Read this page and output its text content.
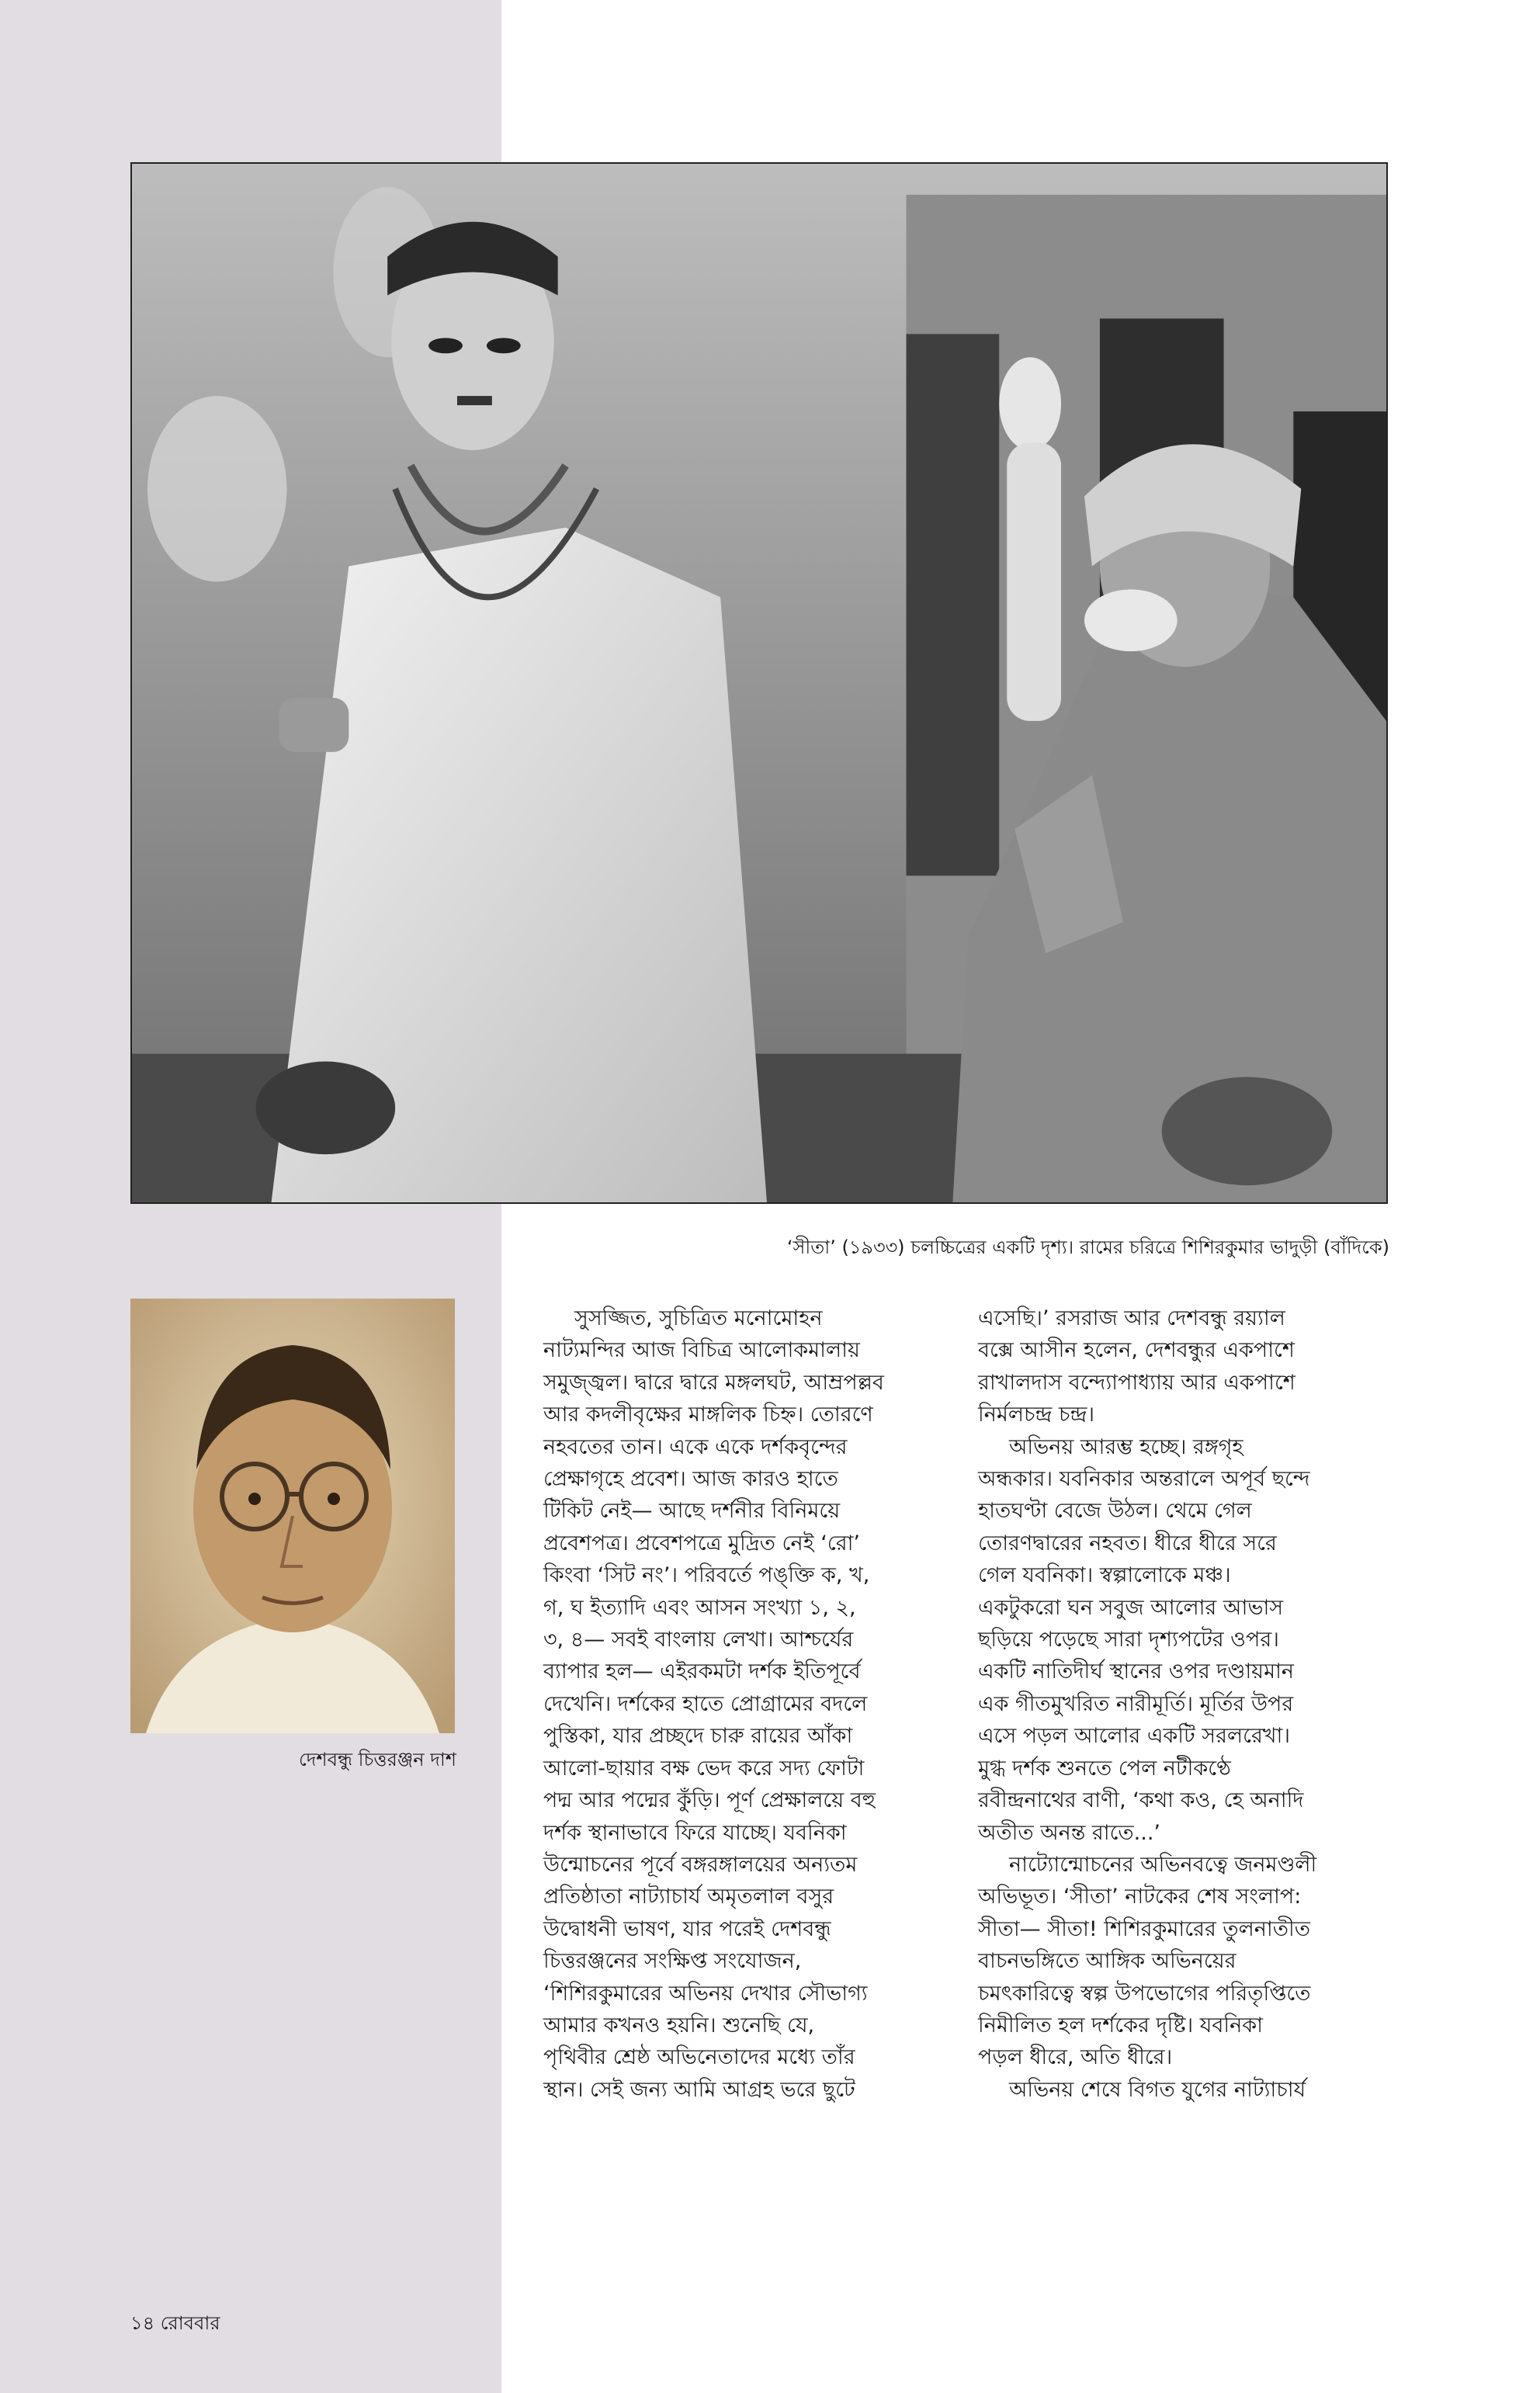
‘সীতা’ (১৯৩৩) চলচ্চিত্রের একটি দৃশ্য। রামের চরিত্রে শিশিরকুমার ভাদুড়ী (বাঁদিকে)
দেশবন্ধু চিত্তরঞ্জন দাশ

সুসজ্জিত, সুচিত্রিত মনোমোহন

নাট্যমন্দির আজ বিচিত্র আলোকমালায়

সমুজ্জ্বল। দ্বারে দ্বারে মঙ্গলঘট, আম্রপল্লব

আর কদলীবৃক্ষের মাঙ্গলিক চিহ্ন। তোরণে

নহবতের তান। একে একে দর্শকবৃন্দের

প্রেক্ষাগৃহে প্রবেশ। আজ কারও হাতে

টিকিট নেই— আছে দর্শনীর বিনিময়ে

প্রবেশপত্র। প্রবেশপত্রে মুদ্রিত নেই ‘রো’

কিংবা ‘সিট নং’। পরিবর্তে পঙ্‌ক্তি ক, খ,

গ, ঘ ইত্যাদি এবং আসন সংখ্যা ১, ২,

৩, ৪— সবই বাংলায় লেখা। আশ্চর্যের

ব্যাপার হল— এইরকমটা দর্শক ইতিপূর্বে

দেখেনি। দর্শকের হাতে প্রোগ্রামের বদলে

পুস্তিকা, যার প্রচ্ছদে চারু রায়ের আঁকা

আলো-ছায়ার বক্ষ ভেদ করে সদ্য ফোটা

পদ্ম আর পদ্মের কুঁড়ি। পূর্ণ প্রেক্ষালয়ে বহু

দর্শক স্থানাভাবে ফিরে যাচ্ছে। যবনিকা

উন্মোচনের পূর্বে বঙ্গরঙ্গালয়ের অন্যতম

প্রতিষ্ঠাতা নাট্যাচার্য অমৃতলাল বসুর

উদ্বোধনী ভাষণ, যার পরেই দেশবন্ধু

চিত্তরঞ্জনের সংক্ষিপ্ত সংযোজন,

‘শিশিরকুমারের অভিনয় দেখার সৌভাগ্য

আমার কখনও হয়নি। শুনেছি যে,

পৃথিবীর শ্রেষ্ঠ অভিনেতাদের মধ্যে তাঁর

স্থান। সেই জন্য আমি আগ্রহ ভরে ছুটে

এসেছি।’ রসরাজ আর দেশবন্ধু রয়্যাল

বক্সে আসীন হলেন, দেশবন্ধুর একপাশে

রাখালদাস বন্দ্যোপাধ্যায় আর একপাশে

নির্মলচন্দ্র চন্দ্র।

অভিনয় আরম্ভ হচ্ছে। রঙ্গগৃহ

অন্ধকার। যবনিকার অন্তরালে অপূর্ব ছন্দে

হাতঘণ্টা বেজে উঠল। থেমে গেল

তোরণদ্বারের নহবত। ধীরে ধীরে সরে

গেল যবনিকা। স্বল্পালোকে মঞ্চ।

একটুকরো ঘন সবুজ আলোর আভাস

ছড়িয়ে পড়েছে সারা দৃশ্যপটের ওপর।

একটি নাতিদীর্ঘ স্থানের ওপর দণ্ডায়মান

এক গীতমুখরিত নারীমূর্তি। মূর্তির উপর

এসে পড়ল আলোর একটি সরলরেখা।

মুগ্ধ দর্শক শুনতে পেল নটীকণ্ঠে

রবীন্দ্রনাথের বাণী, ‘কথা কও, হে অনাদি

অতীত অনন্ত রাতে...’

নাট্যোন্মোচনের অভিনবত্বে জনমণ্ডলী

অভিভূত। ‘সীতা’ নাটকের শেষ সংলাপ:

সীতা— সীতা! শিশিরকুমারের তুলনাতীত

বাচনভঙ্গিতে আঙ্গিক অভিনয়ের

চমৎকারিত্বে স্বল্প উপভোগের পরিতৃপ্তিতে

নিমীলিত হল দর্শকের দৃষ্টি। যবনিকা

পড়ল ধীরে, অতি ধীরে।

অভিনয় শেষে বিগত যুগের নাট্যাচার্য

১৪ রোববার
